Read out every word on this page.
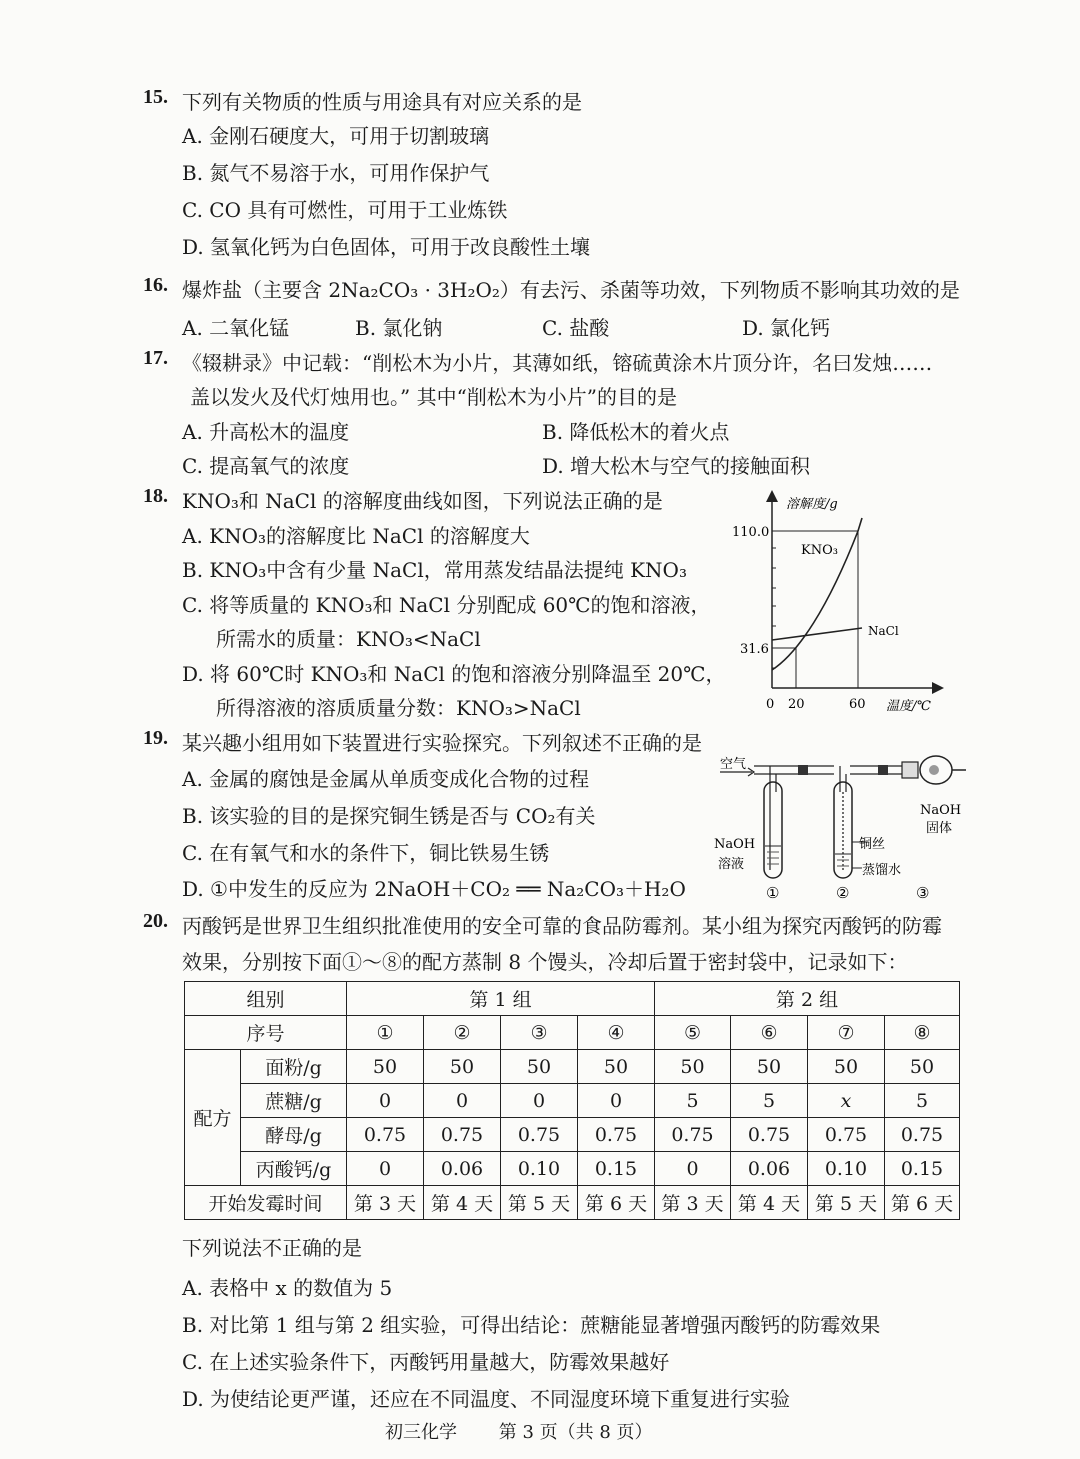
15. 下列有关物质的性质与用途具有对应关系的是
A. 金刚石硬度大，可用于切割玻璃
B. 氮气不易溶于水，可用作保护气
C. CO 具有可燃性，可用于工业炼铁
D. 氢氧化钙为白色固体，可用于改良酸性土壤
16. 爆炸盐（主要含 2Na₂CO₃ · 3H₂O₂）有去污、杀菌等功效，下列物质不影响其功效的是
A. 二氧化锰	B. 氯化钠	C. 盐酸	D. 氯化钙
17. 《辍耕录》中记载：“削松木为小片，其薄如纸，镕硫黄涂木片顶分许，名曰发烛……
盖以发火及代灯烛用也。” 其中“削松木为小片”的目的是
A. 升高松木的温度	B. 降低松木的着火点
C. 提高氧气的浓度	D. 增大松木与空气的接触面积
18. KNO₃和 NaCl 的溶解度曲线如图，下列说法正确的是
A. KNO₃的溶解度比 NaCl 的溶解度大
B. KNO₃中含有少量 NaCl，常用蒸发结晶法提纯 KNO₃
C. 将等质量的 KNO₃和 NaCl 分别配成 60℃的饱和溶液，
所需水的质量：KNO₃<NaCl
D. 将 60℃时 KNO₃和 NaCl 的饱和溶液分别降温至 20℃，
所得溶液的溶质质量分数：KNO₃>NaCl
溶解度/g
温度/℃
110.0
31.6
0 20	60
KNO₃
NaCl
19. 某兴趣小组用如下装置进行实验探究。下列叙述不正确的是
A. 金属的腐蚀是金属从单质变成化合物的过程
B. 该实验的目的是探究铜生锈是否与 CO₂有关
C. 在有氧气和水的条件下，铜比铁易生锈
D. ①中发生的反应为 2NaOH＋CO₂ ══ Na₂CO₃＋H₂O
空气
铜丝
蒸馏水
NaOH
固体
NaOH
溶液
①	②	③
20. 丙酸钙是世界卫生组织批准使用的安全可靠的食品防霉剂。某小组为探究丙酸钙的防霉
效果，分别按下面①～⑧的配方蒸制 8 个馒头，冷却后置于密封袋中，记录如下：
组别		第 1 组				第 2 组			
序号		①	②	③	④	⑤	⑥	⑦	⑧
配方	面粉/g	50	50	50	50	50	50	50	50
	蔗糖/g	0	0	0	0	5	5	x	5
	酵母/g	0.75	0.75	0.75	0.75	0.75	0.75	0.75	0.75
	丙酸钙/g	0	0.06	0.10	0.15	0	0.06	0.10	0.15
开始发霉时间		第 3 天	第 4 天	第 5 天	第 6 天	第 3 天	第 4 天	第 5 天	第 6 天
下列说法不正确的是
A. 表格中 x 的数值为 5
B. 对比第 1 组与第 2 组实验，可得出结论：蔗糖能显著增强丙酸钙的防霉效果
C. 在上述实验条件下，丙酸钙用量越大，防霉效果越好
D. 为使结论更严谨，还应在不同温度、不同湿度环境下重复进行实验
初三化学　　 第 3 页（共 8 页）
